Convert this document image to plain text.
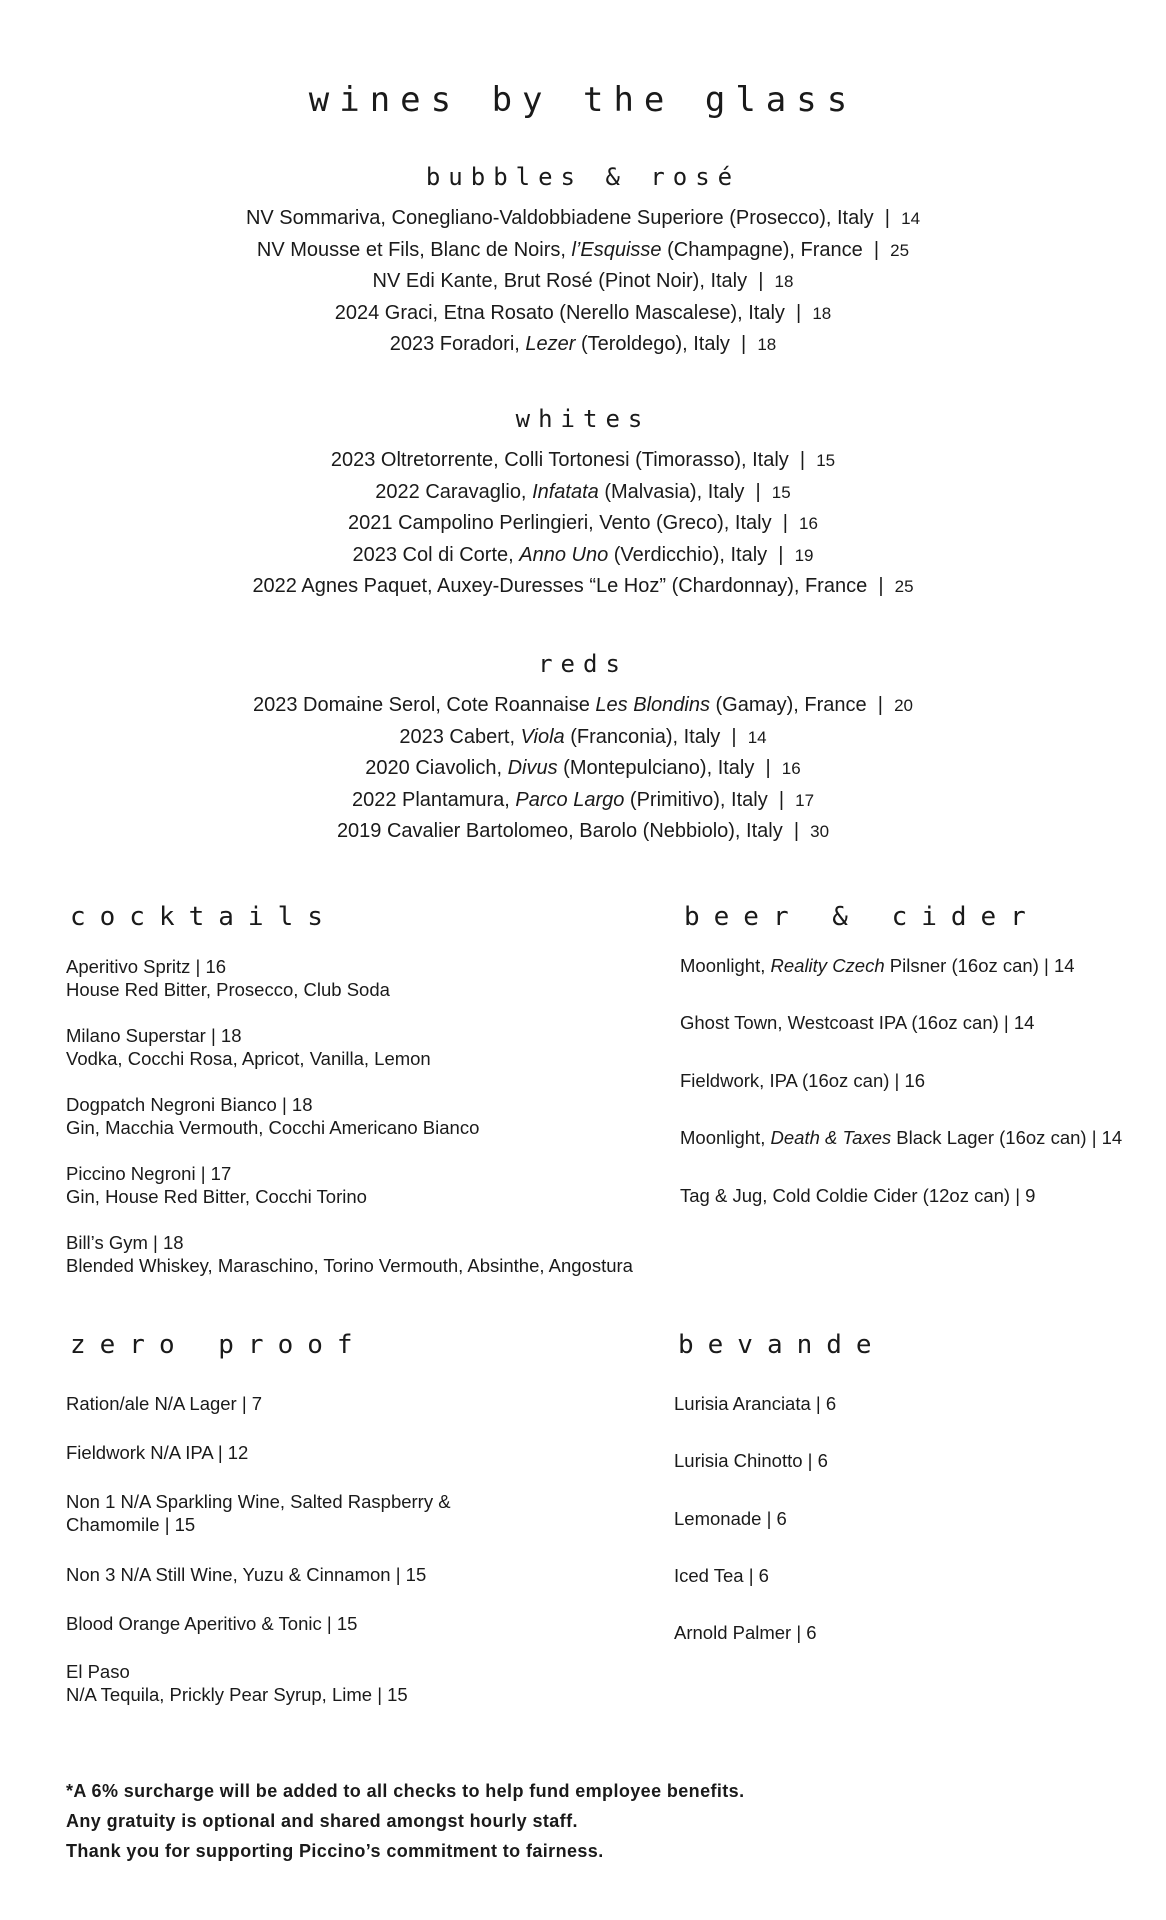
wines by the glass
bubbles & rosé
NV Sommariva, Conegliano-Valdobbiadene Superiore (Prosecco), Italy  |  14
NV Mousse et Fils, Blanc de Noirs, l’Esquisse (Champagne), France  |  25
NV Edi Kante, Brut Rosé (Pinot Noir), Italy  |  18
2024 Graci, Etna Rosato (Nerello Mascalese), Italy  |  18
2023 Foradori, Lezer (Teroldego), Italy  |  18
whites
2023 Oltretorrente, Colli Tortonesi (Timorasso), Italy  |  15
2022 Caravaglio, Infatata (Malvasia), Italy  |  15
2021 Campolino Perlingieri, Vento (Greco), Italy  |  16
2023 Col di Corte, Anno Uno (Verdicchio), Italy  |  19
2022 Agnes Paquet, Auxey-Duresses “Le Hoz” (Chardonnay), France  |  25
reds
2023 Domaine Serol, Cote Roannaise Les Blondins (Gamay), France  |  20
2023 Cabert, Viola (Franconia), Italy  |  14
2020 Ciavolich, Divus (Montepulciano), Italy  |  16
2022 Plantamura, Parco Largo (Primitivo), Italy  |  17
2019 Cavalier Bartolomeo, Barolo (Nebbiolo), Italy  |  30
cocktails
Aperitivo Spritz | 16
House Red Bitter, Prosecco, Club Soda
Milano Superstar | 18
Vodka, Cocchi Rosa, Apricot, Vanilla, Lemon
Dogpatch Negroni Bianco | 18
Gin, Macchia Vermouth, Cocchi Americano Bianco
Piccino Negroni | 17
Gin, House Red Bitter, Cocchi Torino
Bill’s Gym | 18
Blended Whiskey, Maraschino, Torino Vermouth, Absinthe, Angostura
beer & cider
Moonlight, Reality Czech Pilsner (16oz can) | 14
Ghost Town, Westcoast IPA (16oz can) | 14
Fieldwork, IPA (16oz can) | 16
Moonlight, Death & Taxes Black Lager (16oz can) | 14
Tag & Jug, Cold Coldie Cider (12oz can) | 9
zero proof
Ration/ale N/A Lager | 7
Fieldwork N/A IPA | 12
Non 1 N/A Sparkling Wine, Salted Raspberry &
Chamomile | 15
Non 3 N/A Still Wine, Yuzu & Cinnamon | 15
Blood Orange Aperitivo & Tonic | 15
El Paso
N/A Tequila, Prickly Pear Syrup, Lime | 15
bevande
Lurisia Aranciata | 6
Lurisia Chinotto | 6
Lemonade | 6
Iced Tea | 6
Arnold Palmer | 6
*A 6% surcharge will be added to all checks to help fund employee benefits.
Any gratuity is optional and shared amongst hourly staff.
Thank you for supporting Piccino’s commitment to fairness.
